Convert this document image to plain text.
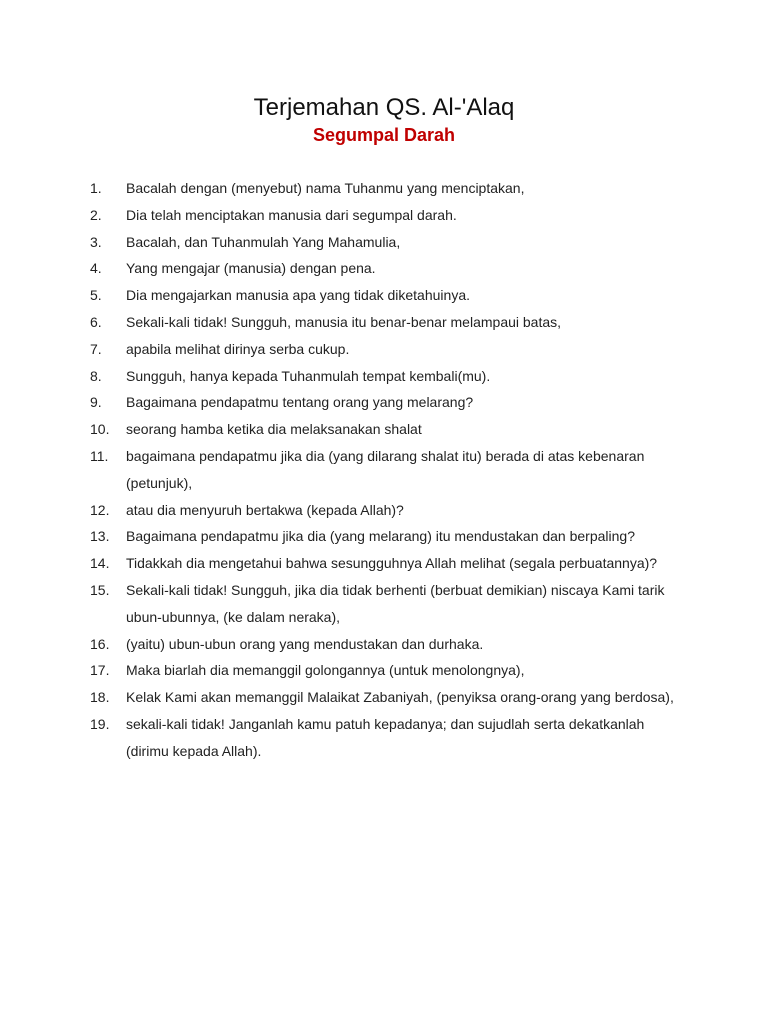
Terjemahan QS. Al-'Alaq
Segumpal Darah
1.	Bacalah dengan (menyebut) nama Tuhanmu yang menciptakan,
2.	Dia telah menciptakan manusia dari segumpal darah.
3.	Bacalah, dan Tuhanmulah Yang Mahamulia,
4.	Yang mengajar (manusia) dengan pena.
5.	Dia mengajarkan manusia apa yang tidak diketahuinya.
6.	Sekali-kali tidak! Sungguh, manusia itu benar-benar melampaui batas,
7.	apabila melihat dirinya serba cukup.
8.	Sungguh, hanya kepada Tuhanmulah tempat kembali(mu).
9.	Bagaimana pendapatmu tentang orang yang melarang?
10.	seorang hamba ketika dia melaksanakan shalat
11.	bagaimana pendapatmu jika dia (yang dilarang shalat itu) berada di atas kebenaran (petunjuk),
12.	atau dia menyuruh bertakwa (kepada Allah)?
13.	Bagaimana pendapatmu jika dia (yang melarang) itu mendustakan dan berpaling?
14.	Tidakkah dia mengetahui bahwa sesungguhnya Allah melihat (segala perbuatannya)?
15.	Sekali-kali tidak! Sungguh, jika dia tidak berhenti (berbuat demikian) niscaya Kami tarik ubun-ubunnya, (ke dalam neraka),
16.	(yaitu) ubun-ubun orang yang mendustakan dan durhaka.
17.	Maka biarlah dia memanggil golongannya (untuk menolongnya),
18.	Kelak Kami akan memanggil Malaikat Zabaniyah, (penyiksa orang-orang yang berdosa),
19.	sekali-kali tidak! Janganlah kamu patuh kepadanya; dan sujudlah serta dekatkanlah (dirimu kepada Allah).
